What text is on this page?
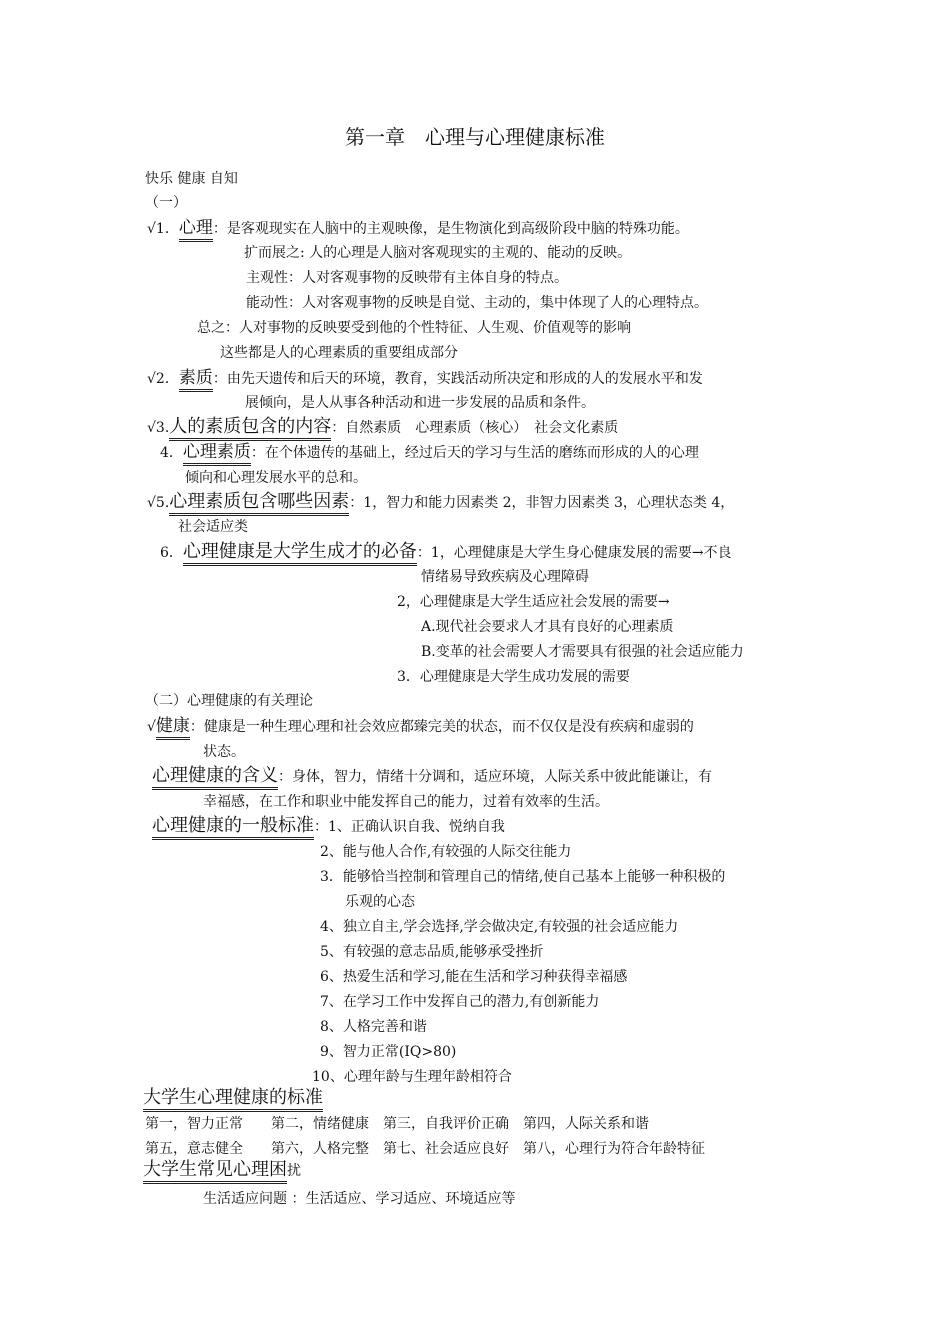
第一章　心理与心理健康标准
快乐 健康 自知
（一）
√1．心理：是客观现实在人脑中的主观映像，是生物演化到高级阶段中脑的特殊功能。
扩而展之: 人的心理是人脑对客观现实的主观的、能动的反映。
主观性：人对客观事物的反映带有主体自身的特点。
能动性：人对客观事物的反映是自觉、主动的，集中体现了人的心理特点。
总之：人对事物的反映要受到他的个性特征、人生观、价值观等的影响
这些都是人的心理素质的重要组成部分
√2．素质：由先天遗传和后天的环境，教育，实践活动所决定和形成的人的发展水平和发
展倾向，是人从事各种活动和进一步发展的品质和条件。
√3.人的素质包含的内容：自然素质　心理素质（核心）　社会文化素质
4．心理素质：在个体遗传的基础上，经过后天的学习与生活的磨练而形成的人的心理
倾向和心理发展水平的总和。
√5.心理素质包含哪些因素：1，智力和能力因素类 2，非智力因素类 3，心理状态类 4，
社会适应类
6．心理健康是大学生成才的必备：1，心理健康是大学生身心健康发展的需要→不良
情绪易导致疾病及心理障碍
2，心理健康是大学生适应社会发展的需要→
A.现代社会要求人才具有良好的心理素质
B.变革的社会需要人才需要具有很强的社会适应能力
3．心理健康是大学生成功发展的需要
（二）心理健康的有关理论
√健康：健康是一种生理心理和社会效应都臻完美的状态，而不仅仅是没有疾病和虚弱的
状态。
心理健康的含义：身体，智力，情绪十分调和，适应环境，人际关系中彼此能谦让，有
幸福感，在工作和职业中能发挥自己的能力，过着有效率的生活。
心理健康的一般标准：1、正确认识自我、悦纳自我
2、能与他人合作,有较强的人际交往能力
3．能够恰当控制和管理自己的情绪,使自己基本上能够一种积极的
乐观的心态
4、独立自主,学会选择,学会做决定,有较强的社会适应能力
5、有较强的意志品质,能够承受挫折
6、热爱生活和学习,能在生活和学习种获得幸福感
7、在学习工作中发挥自己的潜力,有创新能力
8、人格完善和谐
9、智力正常(IQ>80)
10、心理年龄与生理年龄相符合
大学生心理健康的标准
第一，智力正常　　第二，情绪健康　第三，自我评价正确　第四，人际关系和谐
第五，意志健全　　第六，人格完整　第七、社会适应良好　第八，心理行为符合年龄特征
大学生常见心理困扰
生活适应问题 ：生活适应、学习适应、环境适应等
